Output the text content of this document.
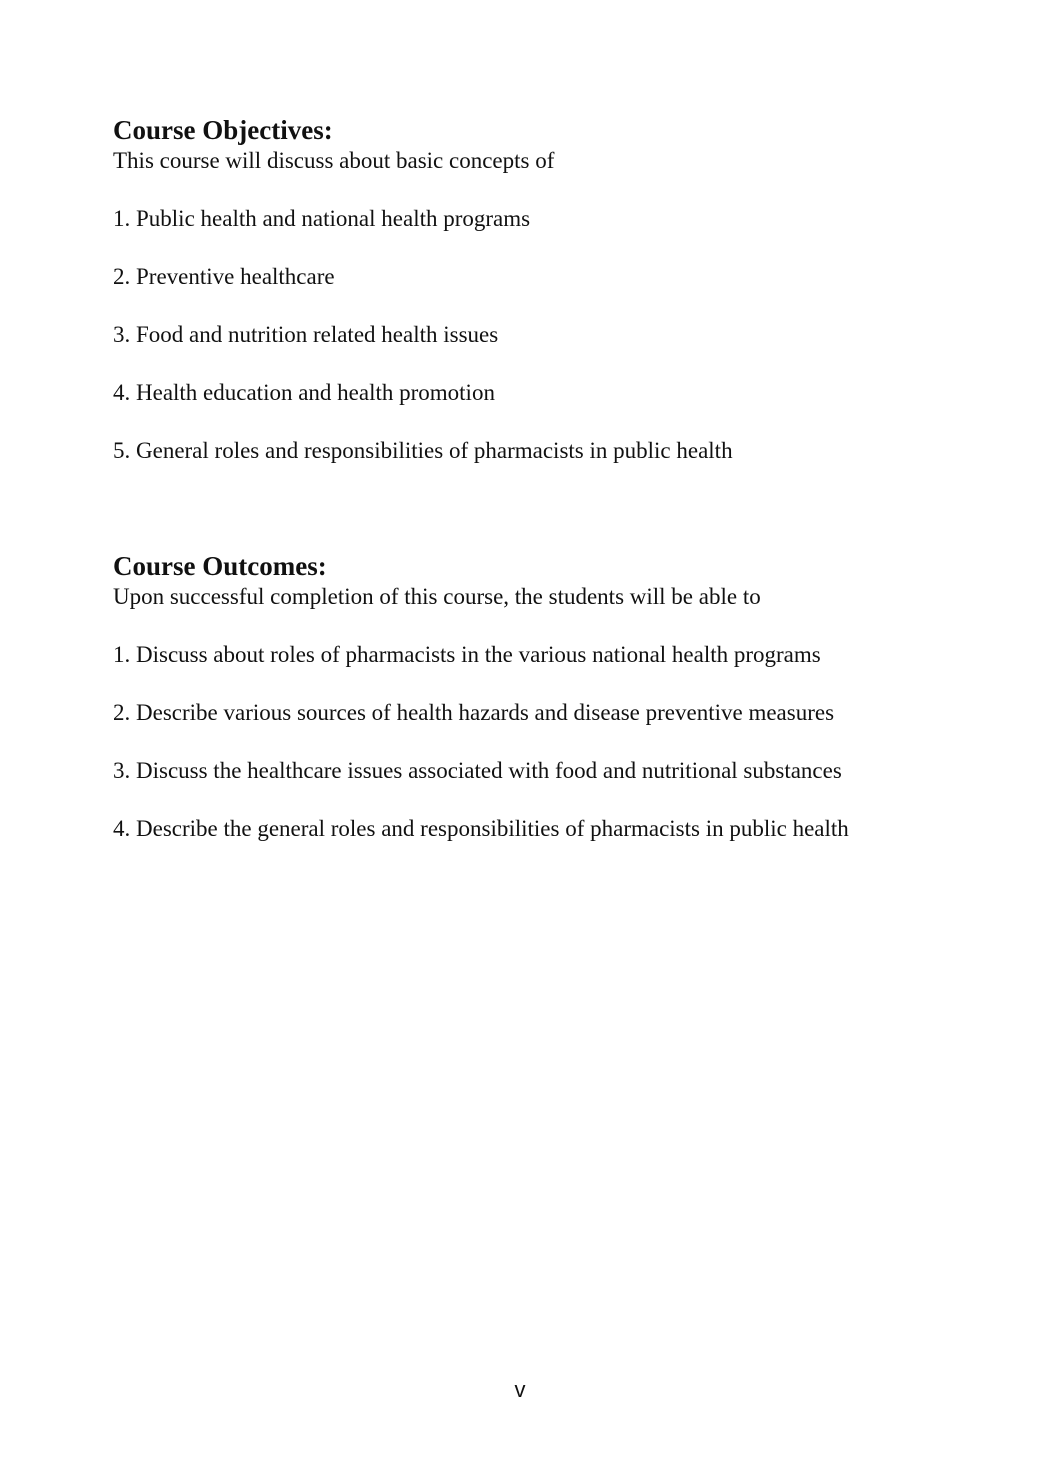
Course Objectives:

This course will discuss about basic concepts of

1. Public health and national health programs
2. Preventive healthcare
3. Food and nutrition related health issues
4. Health education and health promotion
5. General roles and responsibilities of pharmacists in public health
Course Outcomes:

Upon successful completion of this course, the students will be able to

1. Discuss about roles of pharmacists in the various national health programs
2. Describe various sources of health hazards and disease preventive measures
3. Discuss the healthcare issues associated with food and nutritional substances
4. Describe the general roles and responsibilities of pharmacists in public health
v
